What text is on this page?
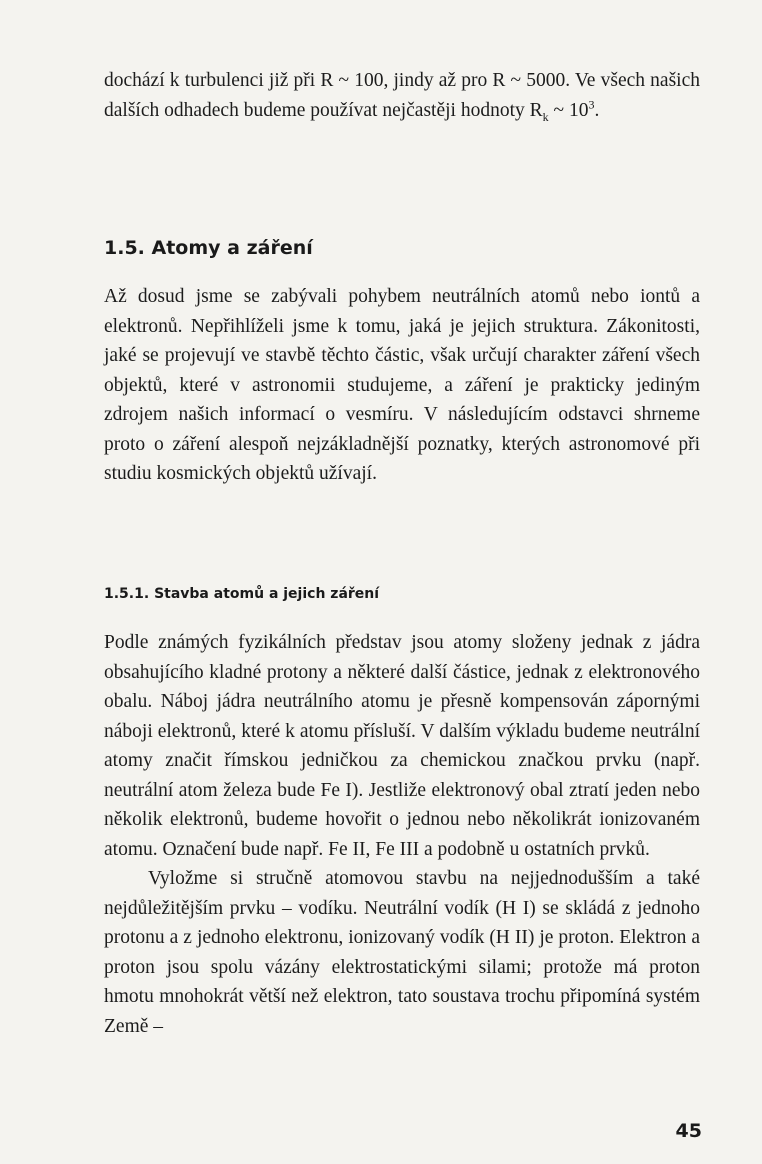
dochází k turbulenci již při R ~ 100, jindy až pro R ~ 5000. Ve všech našich dalších odhadech budeme používat nejčastěji hodnoty $R_k$ ~ $10^3$.

1.5. Atomy a záření

Až dosud jsme se zabývali pohybem neutrálních atomů nebo iontů a elektronů. Nepřihlíželi jsme k tomu, jaká je jejich struktura. Zákonitosti, jaké se projevují ve stavbě těchto částic, však určují charakter záření všech objektů, které v astronomii studujeme, a záření je prakticky jediným zdrojem našich informací o vesmíru. V následujícím odstavci shrneme proto o záření alespoň nejzákladnější poznatky, kterých astronomové při studiu kosmických objektů užívají.

1.5.1. Stavba atomů a jejich záření

Podle známých fyzikálních představ jsou atomy složeny jednak z jádra obsahujícího kladné protony a některé další částice, jednak z elektronového obalu. Náboj jádra neutrálního atomu je přesně kompensován zápornými náboji elektronů, které k atomu přísluší. V dalším výkladu budeme neutrální atomy značit římskou jedničkou za chemickou značkou prvku (např. neutrální atom železa bude Fe I). Jestliže elektronový obal ztratí jeden nebo několik elektronů, budeme hovořit o jednou nebo několikrát ionizovaném atomu. Označení bude např. Fe II, Fe III a podobně u ostatních prvků.

Vyložme si stručně atomovou stavbu na nejjednodušším a také nejdůležitějším prvku – vodíku. Neutrální vodík (H I) se skládá z jednoho protonu a z jednoho elektronu, ionizovaný vodík (H II) je proton. Elektron a proton jsou spolu vázány elektrostatickými silami; protože má proton hmotu mnohokrát větší než elektron, tato soustava trochu připomíná systém Země –

45
